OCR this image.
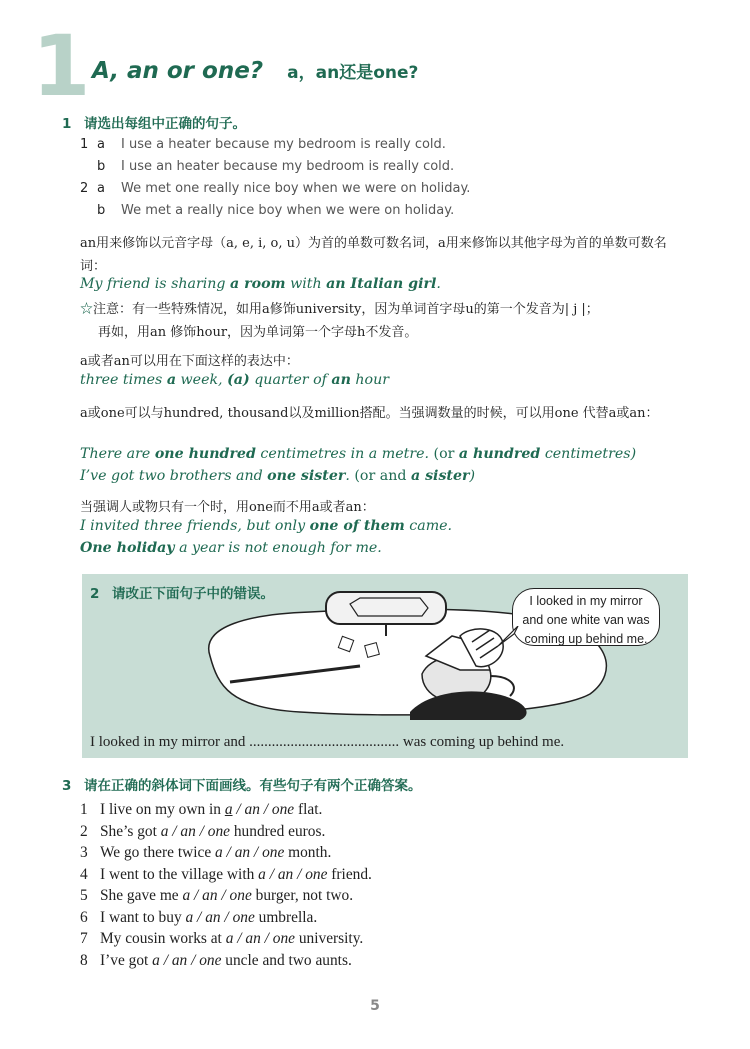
1 A, an or one? a，an还是one?
1 请选出每组中正确的句子。
1 a I use a heater because my bedroom is really cold.
b I use an heater because my bedroom is really cold.
2 a We met one really nice boy when we were on holiday.
b We met a really nice boy when we were on holiday.
an用来修饰以元音字母（a, e, i, o, u）为首的单数可数名词，a用来修饰以其他字母为首的单数可数名词：
My friend is sharing a room with an Italian girl.
☆注意：有一些特殊情况，如用a修饰university，因为单词首字母u的第一个发音为| j |；
再如，用an 修饰hour，因为单词第一个字母h不发音。
a或者an可以用在下面这样的表达中：
three times a week, (a) quarter of an hour
a或one可以与hundred, thousand以及million搭配。当强调数量的时候，可以用one 代替a或an：
There are one hundred centimetres in a metre. (or a hundred centimetres)
I’ve got two brothers and one sister. (or and a sister)
当强调人或物只有一个时，用one而不用a或者an：
I invited three friends, but only one of them came.
One holiday a year is not enough for me.
2 请改正下面句子中的错误。	I looked in my mirror
and one white van was
coming up behind me.
I looked in my mirror and ........................................ was coming up behind me.
3 请在正确的斜体词下面画线。有些句子有两个正确答案。
1 I live on my own in a / an / one flat.
2 She’s got a / an / one hundred euros.
3 We go there twice a / an / one month.
4 I went to the village with a / an / one friend.
5 She gave me a / an / one burger, not two.
6 I want to buy a / an / one umbrella.
7 My cousin works at a / an / one university.
8 I’ve got a / an / one uncle and two aunts.
5
